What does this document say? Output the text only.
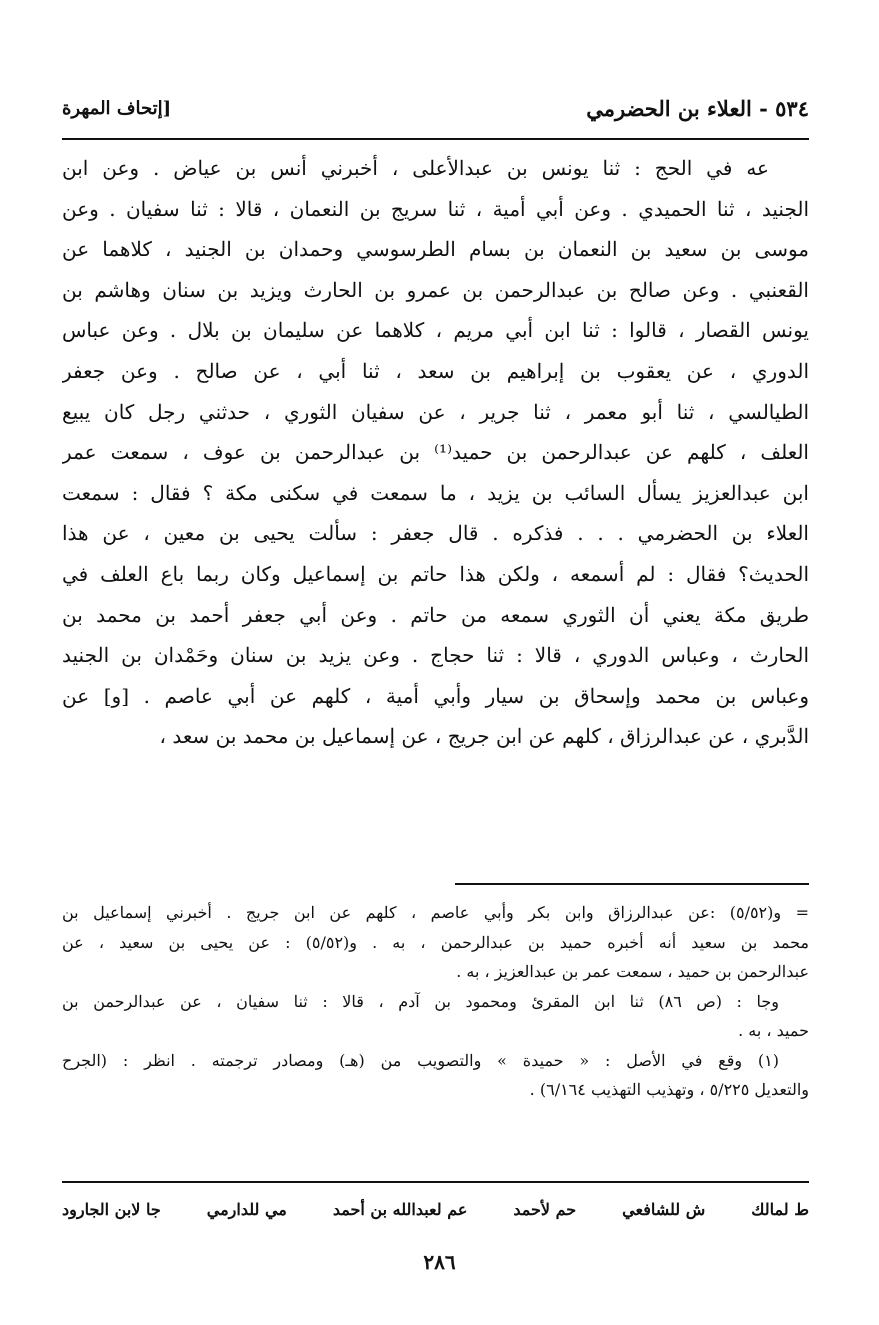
٥٣٤ - العلاء بن الحضرمي
[إتحاف المهرة
عه في الحج : ثنا يونس بن عبدالأعلى ، أخبرني أنس بن عياض . وعن ابن
الجنيد ، ثنا الحميدي . وعن أبي أمية ، ثنا سريج بن النعمان ، قالا : ثنا سفيان . وعن
موسى بن سعيد بن النعمان بن بسام الطرسوسي وحمدان بن الجنيد ، كلاهما عن
القعنبي . وعن صالح بن عبدالرحمن بن عمرو بن الحارث ويزيد بن سنان وهاشم بن
يونس القصار ، قالوا : ثنا ابن أبي مريم ، كلاهما عن سليمان بن بلال . وعن عباس
الدوري ، عن يعقوب بن إبراهيم بن سعد ، ثنا أبي ، عن صالح . وعن جعفر
الطيالسي ، ثنا أبو معمر ، ثنا جرير ، عن سفيان الثوري ، حدثني رجل كان يبيع
العلف ، كلهم عن عبدالرحمن بن حميد⁽¹⁾ بن عبدالرحمن بن عوف ، سمعت عمر
ابن عبدالعزيز يسأل السائب بن يزيد ، ما سمعت في سكنى مكة ؟ فقال : سمعت
العلاء بن الحضرمي . . . فذكره . قال جعفر : سألت يحيى بن معين ، عن هذا
الحديث؟ فقال : لم أسمعه ، ولكن هذا حاتم بن إسماعيل وكان ربما باع العلف في
طريق مكة يعني أن الثوري سمعه من حاتم . وعن أبي جعفر أحمد بن محمد بن
الحارث ، وعباس الدوري ، قالا : ثنا حجاج . وعن يزيد بن سنان وحَمْدان بن الجنيد
وعباس بن محمد وإسحاق بن سيار وأبي أمية ، كلهم عن أبي عاصم . [و] عن
الدَّبري ، عن عبدالرزاق ، كلهم عن ابن جريج ، عن إسماعيل بن محمد بن سعد ،
= و(٥/٥٢) :عن عبدالرزاق وابن بكر وأبي عاصم ، كلهم عن ابن جريج . أخبرني إسماعيل بن
محمد بن سعيد أنه أخبره حميد بن عبدالرحمن ، به . و(٥/٥٢) : عن يحيى بن سعيد ، عن
عبدالرحمن بن حميد ، سمعت عمر بن عبدالعزيز ، به .
وجا : (ص ٨٦) ثنا ابن المقرئ ومحمود بن آدم ، قالا : ثنا سفيان ، عن عبدالرحمن بن
حميد ، به .
(١) وقع في الأصل : « حميدة » والتصويب من (هـ) ومصادر ترجمته . انظر : (الجرح
والتعديل ٥/٢٢٥ ، وتهذيب التهذيب ٦/١٦٤) .
ط لمالك
ش للشافعي
حم لأحمد
عم لعبدالله بن أحمد
مي للدارمي
جا لابن الجارود
٢٨٦
